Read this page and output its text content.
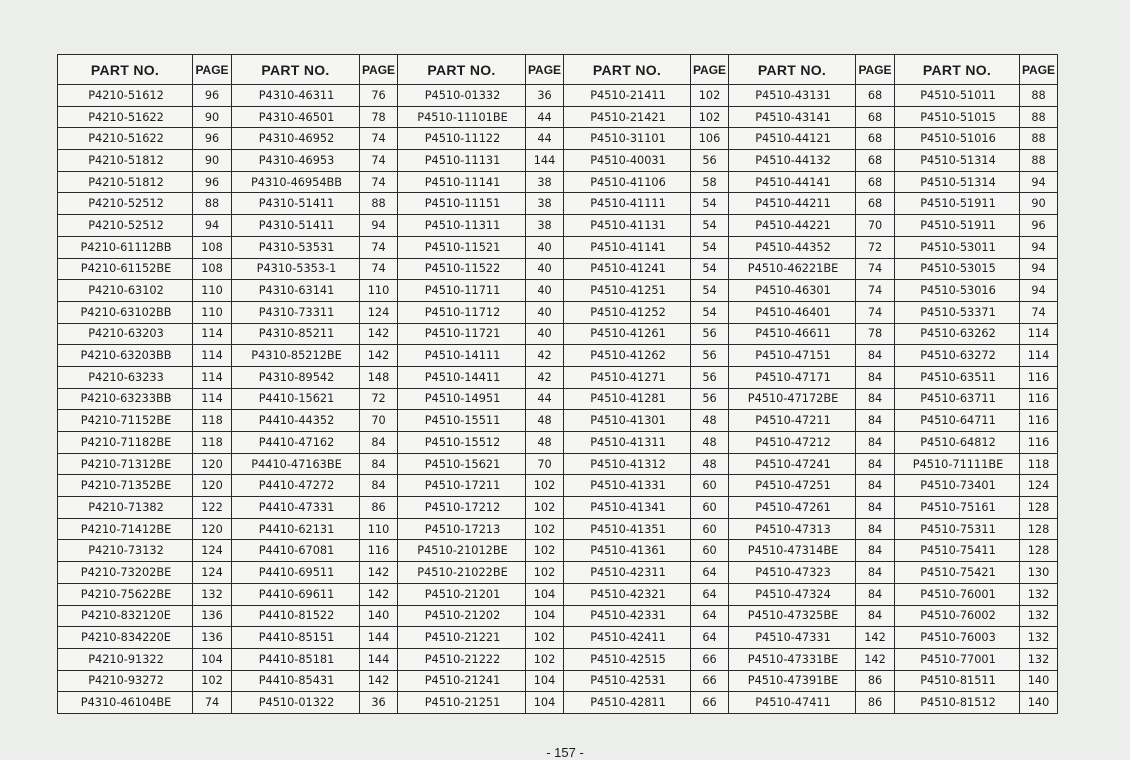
PART NO.	PAGE	PART NO.	PAGE	PART NO.	PAGE	PART NO.	PAGE	PART NO.	PAGE	PART NO.	PAGE
P4210-51612	96	P4310-46311	76	P4510-01332	36	P4510-21411	102	P4510-43131	68	P4510-51011	88
P4210-51622	90	P4310-46501	78	P4510-11101BE	44	P4510-21421	102	P4510-43141	68	P4510-51015	88
P4210-51622	96	P4310-46952	74	P4510-11122	44	P4510-31101	106	P4510-44121	68	P4510-51016	88
P4210-51812	90	P4310-46953	74	P4510-11131	144	P4510-40031	56	P4510-44132	68	P4510-51314	88
P4210-51812	96	P4310-46954BB	74	P4510-11141	38	P4510-41106	58	P4510-44141	68	P4510-51314	94
P4210-52512	88	P4310-51411	88	P4510-11151	38	P4510-41111	54	P4510-44211	68	P4510-51911	90
P4210-52512	94	P4310-51411	94	P4510-11311	38	P4510-41131	54	P4510-44221	70	P4510-51911	96
P4210-61112BB	108	P4310-53531	74	P4510-11521	40	P4510-41141	54	P4510-44352	72	P4510-53011	94
P4210-61152BE	108	P4310-5353-1	74	P4510-11522	40	P4510-41241	54	P4510-46221BE	74	P4510-53015	94
P4210-63102	110	P4310-63141	110	P4510-11711	40	P4510-41251	54	P4510-46301	74	P4510-53016	94
P4210-63102BB	110	P4310-73311	124	P4510-11712	40	P4510-41252	54	P4510-46401	74	P4510-53371	74
P4210-63203	114	P4310-85211	142	P4510-11721	40	P4510-41261	56	P4510-46611	78	P4510-63262	114
P4210-63203BB	114	P4310-85212BE	142	P4510-14111	42	P4510-41262	56	P4510-47151	84	P4510-63272	114
P4210-63233	114	P4310-89542	148	P4510-14411	42	P4510-41271	56	P4510-47171	84	P4510-63511	116
P4210-63233BB	114	P4410-15621	72	P4510-14951	44	P4510-41281	56	P4510-47172BE	84	P4510-63711	116
P4210-71152BE	118	P4410-44352	70	P4510-15511	48	P4510-41301	48	P4510-47211	84	P4510-64711	116
P4210-71182BE	118	P4410-47162	84	P4510-15512	48	P4510-41311	48	P4510-47212	84	P4510-64812	116
P4210-71312BE	120	P4410-47163BE	84	P4510-15621	70	P4510-41312	48	P4510-47241	84	P4510-71111BE	118
P4210-71352BE	120	P4410-47272	84	P4510-17211	102	P4510-41331	60	P4510-47251	84	P4510-73401	124
P4210-71382	122	P4410-47331	86	P4510-17212	102	P4510-41341	60	P4510-47261	84	P4510-75161	128
P4210-71412BE	120	P4410-62131	110	P4510-17213	102	P4510-41351	60	P4510-47313	84	P4510-75311	128
P4210-73132	124	P4410-67081	116	P4510-21012BE	102	P4510-41361	60	P4510-47314BE	84	P4510-75411	128
P4210-73202BE	124	P4410-69511	142	P4510-21022BE	102	P4510-42311	64	P4510-47323	84	P4510-75421	130
P4210-75622BE	132	P4410-69611	142	P4510-21201	104	P4510-42321	64	P4510-47324	84	P4510-76001	132
P4210-832120E	136	P4410-81522	140	P4510-21202	104	P4510-42331	64	P4510-47325BE	84	P4510-76002	132
P4210-834220E	136	P4410-85151	144	P4510-21221	102	P4510-42411	64	P4510-47331	142	P4510-76003	132
P4210-91322	104	P4410-85181	144	P4510-21222	102	P4510-42515	66	P4510-47331BE	142	P4510-77001	132
P4210-93272	102	P4410-85431	142	P4510-21241	104	P4510-42531	66	P4510-47391BE	86	P4510-81511	140
P4310-46104BE	74	P4510-01322	36	P4510-21251	104	P4510-42811	66	P4510-47411	86	P4510-81512	140
- 157 -
